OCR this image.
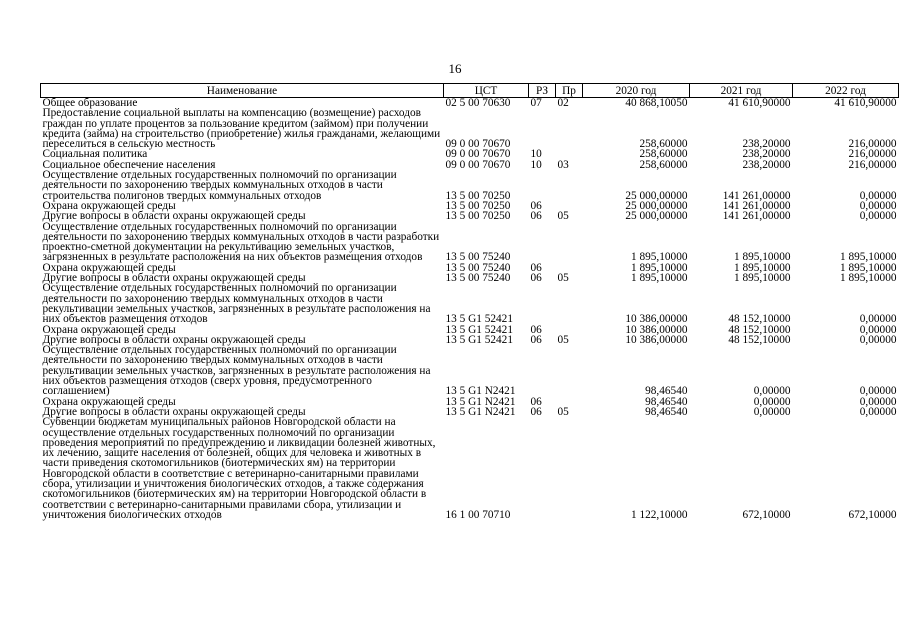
16
Наименование	ЦСТ	РЗ	Пр	2020 год	2021 год	2022 год
Общее образование	02 5 00 70630	07	02	40 868,10050	41 610,90000	41 610,90000
Предоставление социальной выплаты на компенсацию (возмещение) расходов граждан по уплате процентов за пользование кредитом (займом) при получении кредита (займа) на строительство (приобретение) жилья гражданами, желающими переселиться в сельскую местность	09 0 00 70670			258,60000	238,20000	216,00000
Социальная политика	09 0 00 70670	10		258,60000	238,20000	216,00000
Социальное обеспечение населения	09 0 00 70670	10	03	258,60000	238,20000	216,00000
Осуществление отдельных государственных полномочий по организации деятельности по захоронению твердых коммунальных отходов в части строительства полигонов твердых коммунальных отходов	13 5 00 70250			25 000,00000	141 261,00000	0,00000
Охрана окружающей среды	13 5 00 70250	06		25 000,00000	141 261,00000	0,00000
Другие вопросы в области охраны окружающей среды	13 5 00 70250	06	05	25 000,00000	141 261,00000	0,00000
Осуществление отдельных государственных полномочий по организации деятельности по захоронению твердых коммунальных отходов в части разработки проектно-сметной документации на рекультивацию земельных участков, загрязненных в результате расположения на них объектов размещения отходов	13 5 00 75240			1 895,10000	1 895,10000	1 895,10000
Охрана окружающей среды	13 5 00 75240	06		1 895,10000	1 895,10000	1 895,10000
Другие вопросы в области охраны окружающей среды	13 5 00 75240	06	05	1 895,10000	1 895,10000	1 895,10000
Осуществление отдельных государственных полномочий по организации деятельности по захоронению твердых коммунальных отходов в части рекультивации земельных участков, загрязненных в результате расположения на них объектов размещения отходов	13 5 G1 52421			10 386,00000	48 152,10000	0,00000
Охрана окружающей среды	13 5 G1 52421	06		10 386,00000	48 152,10000	0,00000
Другие вопросы в области охраны окружающей среды	13 5 G1 52421	06	05	10 386,00000	48 152,10000	0,00000
Осуществление отдельных государственных полномочий по организации деятельности по захоронению твердых коммунальных отходов в части рекультивации земельных участков, загрязненных в результате расположения на них объектов размещения отходов (сверх уровня, предусмотренного соглашением)	13 5 G1 N2421			98,46540	0,00000	0,00000
Охрана окружающей среды	13 5 G1 N2421	06		98,46540	0,00000	0,00000
Другие вопросы в области охраны окружающей среды	13 5 G1 N2421	06	05	98,46540	0,00000	0,00000
Субвенции бюджетам муниципальных районов Новгородской области на осуществление отдельных государственных полномочий по организации проведения мероприятий по предупреждению и ликвидации болезней животных, их лечению, защите населения от болезней, общих для человека и животных в части приведения скотомогильников (биотермических ям) на территории Новгородской области в соответствие с ветеринарно-санитарными правилами сбора, утилизации и уничтожения биологических отходов, а также содержания скотомогильников (биотермических ям) на территории Новгородской области в соответствии с ветеринарно-санитарными правилами сбора, утилизации и уничтожения биологических отходов	16 1 00 70710			1 122,10000	672,10000	672,10000
